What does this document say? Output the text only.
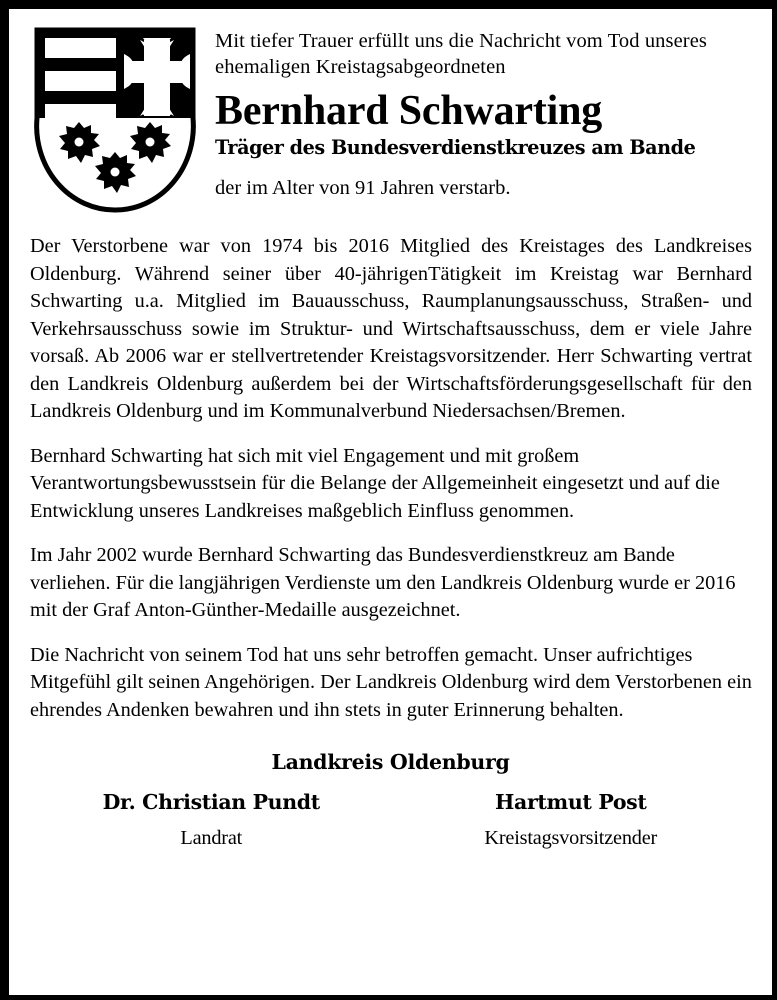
Mit tiefer Trauer erfüllt uns die Nachricht vom Tod unseres ehemaligen Kreistagsabgeordneten
Bernhard Schwarting
Träger des Bundesverdienstkreuzes am Bande
der im Alter von 91 Jahren verstarb.

Der Verstorbene war von 1974 bis 2016 Mitglied des Kreistages des Landkreises Oldenburg. Während seiner über 40-jährigenTätigkeit im Kreistag war Bernhard Schwarting u.a. Mitglied im Bauausschuss, Raumplanungsausschuss, Straßen- und Verkehrsausschuss sowie im Struktur- und Wirtschaftsausschuss, dem er viele Jahre vorsaß. Ab 2006 war er stellvertretender Kreistagsvorsitzender. Herr Schwarting vertrat den Landkreis Oldenburg außerdem bei der Wirtschaftsförderungsgesellschaft für den Landkreis Oldenburg und im Kommunalverbund Niedersachsen/Bremen.

Bernhard Schwarting hat sich mit viel Engagement und mit großem Verantwortungsbewusstsein für die Belange der Allgemeinheit eingesetzt und auf die Entwicklung unseres Landkreises maßgeblich Einfluss genommen.

Im Jahr 2002 wurde Bernhard Schwarting das Bundesverdienstkreuz am Bande verliehen. Für die langjährigen Verdienste um den Landkreis Oldenburg wurde er 2016 mit der Graf Anton-Günther-Medaille ausgezeichnet.

Die Nachricht von seinem Tod hat uns sehr betroffen gemacht. Unser aufrichtiges Mitgefühl gilt seinen Angehörigen. Der Landkreis Oldenburg wird dem Verstorbenen ein ehrendes Andenken bewahren und ihn stets in guter Erinnerung behalten.

Landkreis Oldenburg
Dr. Christian Pundt
Landrat
Hartmut Post
Kreistagsvorsitzender
